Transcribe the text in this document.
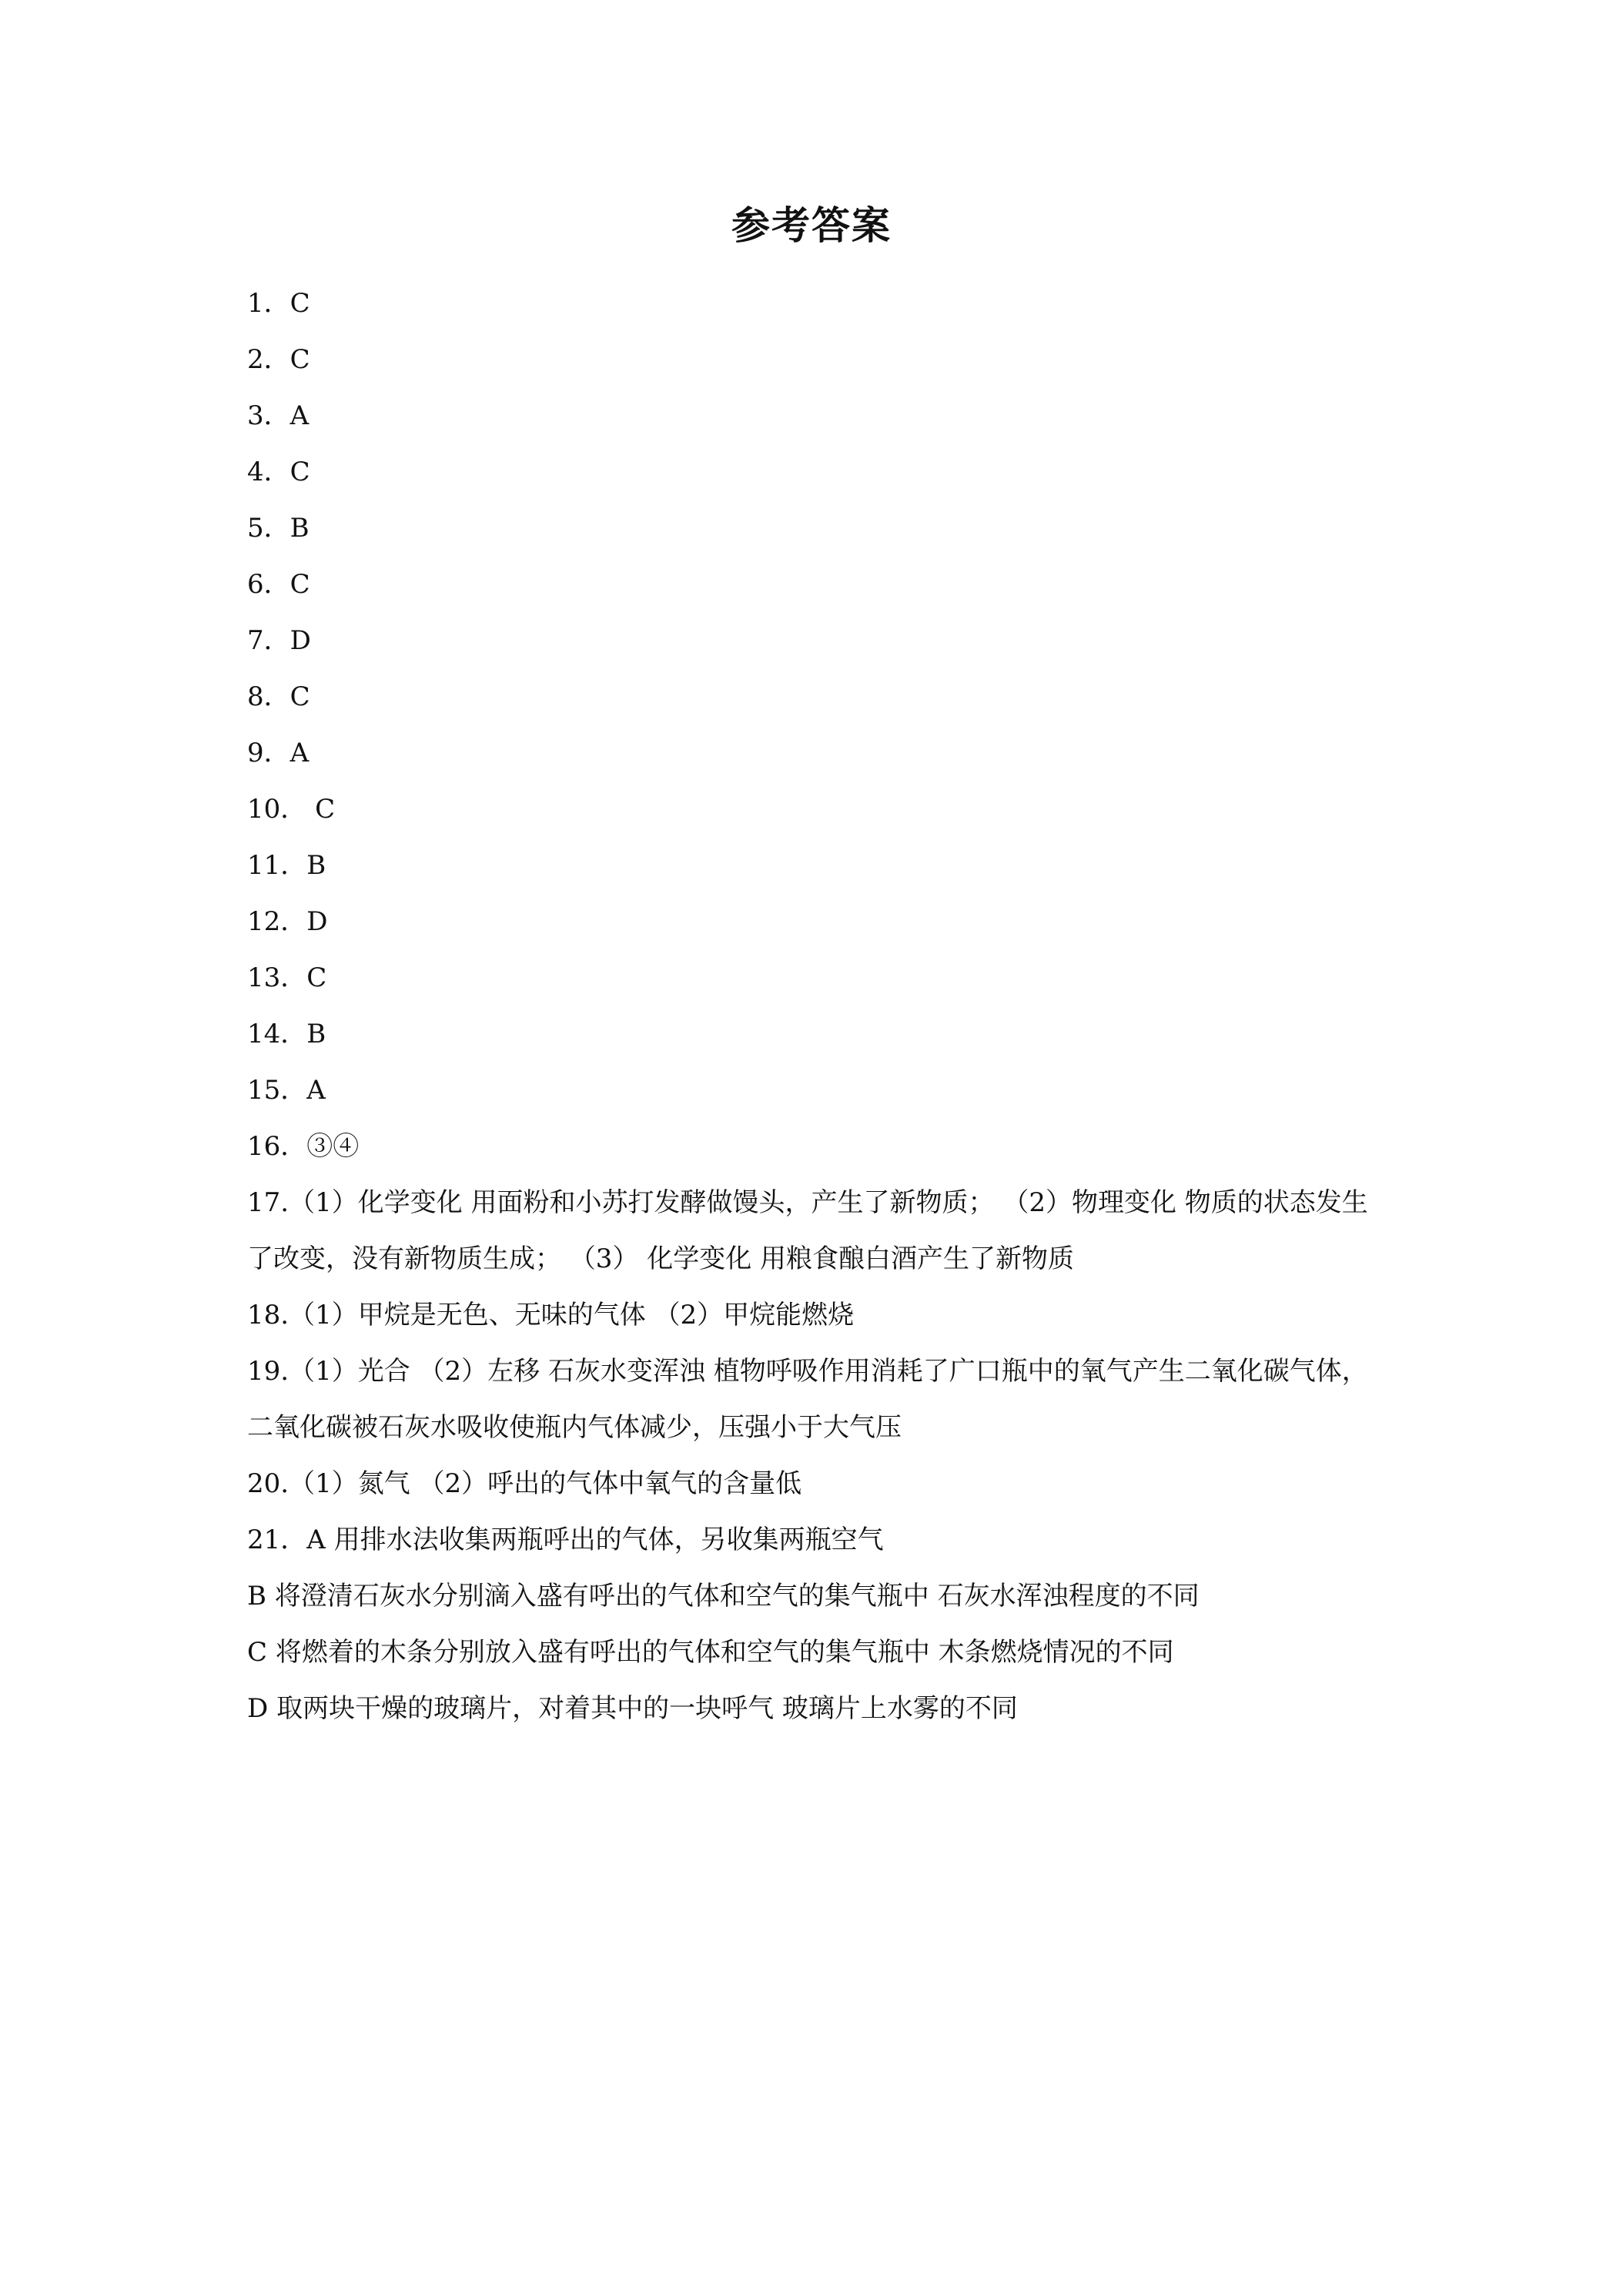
参考答案
1．C
2．C
3．A
4．C
5．B
6．C
7．D
8．C
9．A
10． C
11．B
12．D
13．C
14．B
15．A
16．③④
17.（1）化学变化 用面粉和小苏打发酵做馒头，产生了新物质； （2）物理变化 物质的状态发生了改变，没有新物质生成； （3） 化学变化 用粮食酿白酒产生了新物质
18.（1）甲烷是无色、无味的气体 （2）甲烷能燃烧
19.（1）光合 （2）左移 石灰水变浑浊 植物呼吸作用消耗了广口瓶中的氧气产生二氧化碳气体，二氧化碳被石灰水吸收使瓶内气体减少，压强小于大气压
20.（1）氮气 （2）呼出的气体中氧气的含量低
21．A 用排水法收集两瓶呼出的气体，另收集两瓶空气
B 将澄清石灰水分别滴入盛有呼出的气体和空气的集气瓶中 石灰水浑浊程度的不同
C 将燃着的木条分别放入盛有呼出的气体和空气的集气瓶中 木条燃烧情况的不同
D 取两块干燥的玻璃片，对着其中的一块呼气 玻璃片上水雾的不同
